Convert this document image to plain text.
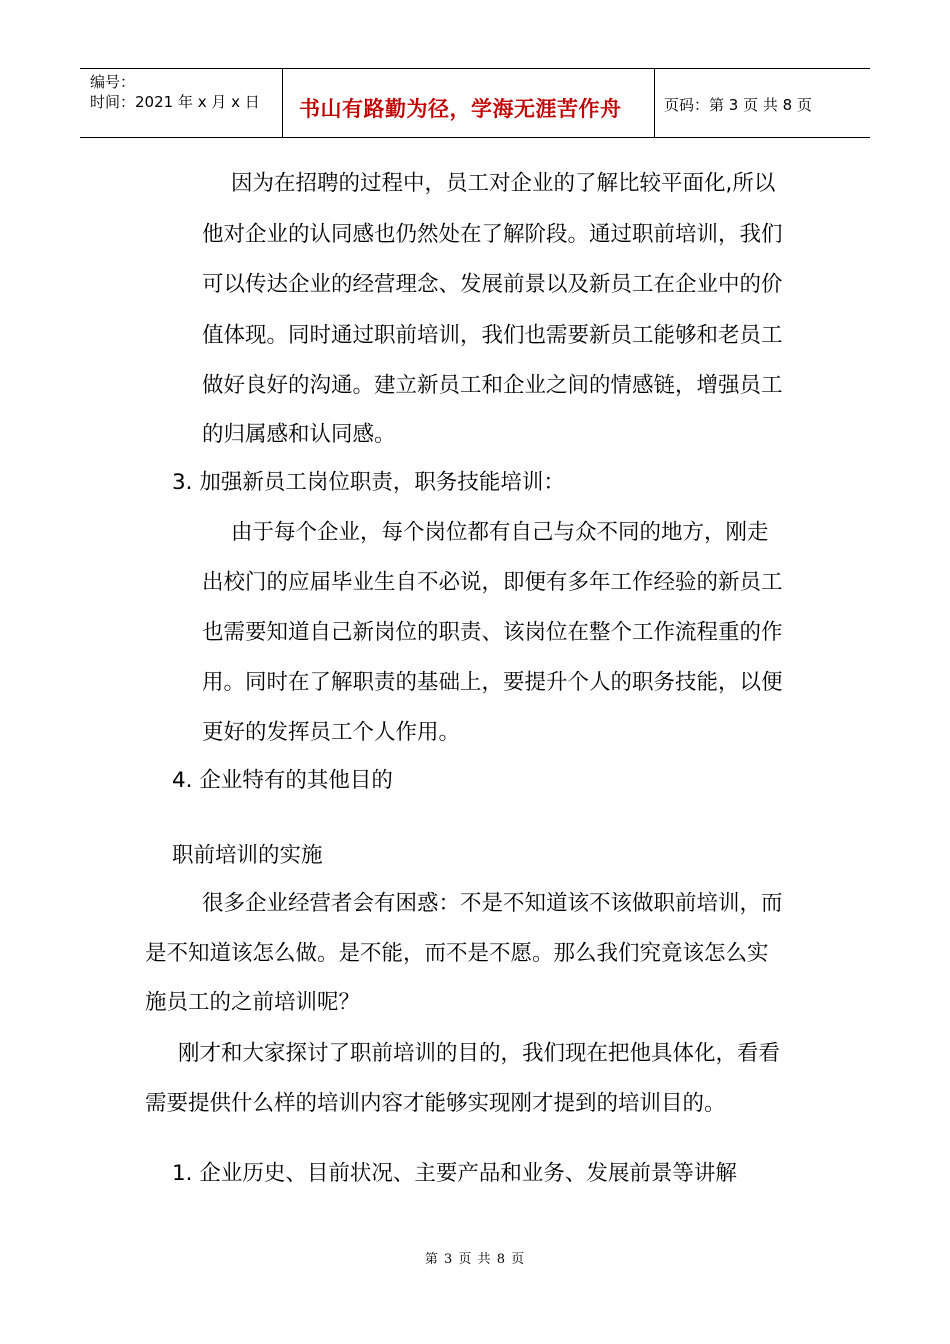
编号：
时间：2021 年 x 月 x 日 书山有路勤为径，学海无涯苦作舟	页码：第 3 页 共 8 页
因为在招聘的过程中，员工对企业的了解比较平面化,所以
他对企业的认同感也仍然处在了解阶段。通过职前培训，我们
可以传达企业的经营理念、发展前景以及新员工在企业中的价
值体现。同时通过职前培训，我们也需要新员工能够和老员工
做好良好的沟通。建立新员工和企业之间的情感链，增强员工
的归属感和认同感。
3. 加强新员工岗位职责，职务技能培训：
由于每个企业，每个岗位都有自己与众不同的地方，刚走
出校门的应届毕业生自不必说，即便有多年工作经验的新员工
也需要知道自己新岗位的职责、该岗位在整个工作流程重的作
用。同时在了解职责的基础上，要提升个人的职务技能，以便
更好的发挥员工个人作用。
4. 企业特有的其他目的
职前培训的实施
很多企业经营者会有困惑：不是不知道该不该做职前培训，而
是不知道该怎么做。是不能，而不是不愿。那么我们究竟该怎么实
施员工的之前培训呢？
刚才和大家探讨了职前培训的目的，我们现在把他具体化，看看
需要提供什么样的培训内容才能够实现刚才提到的培训目的。
1. 企业历史、目前状况、主要产品和业务、发展前景等讲解
第 3 页 共 8 页
